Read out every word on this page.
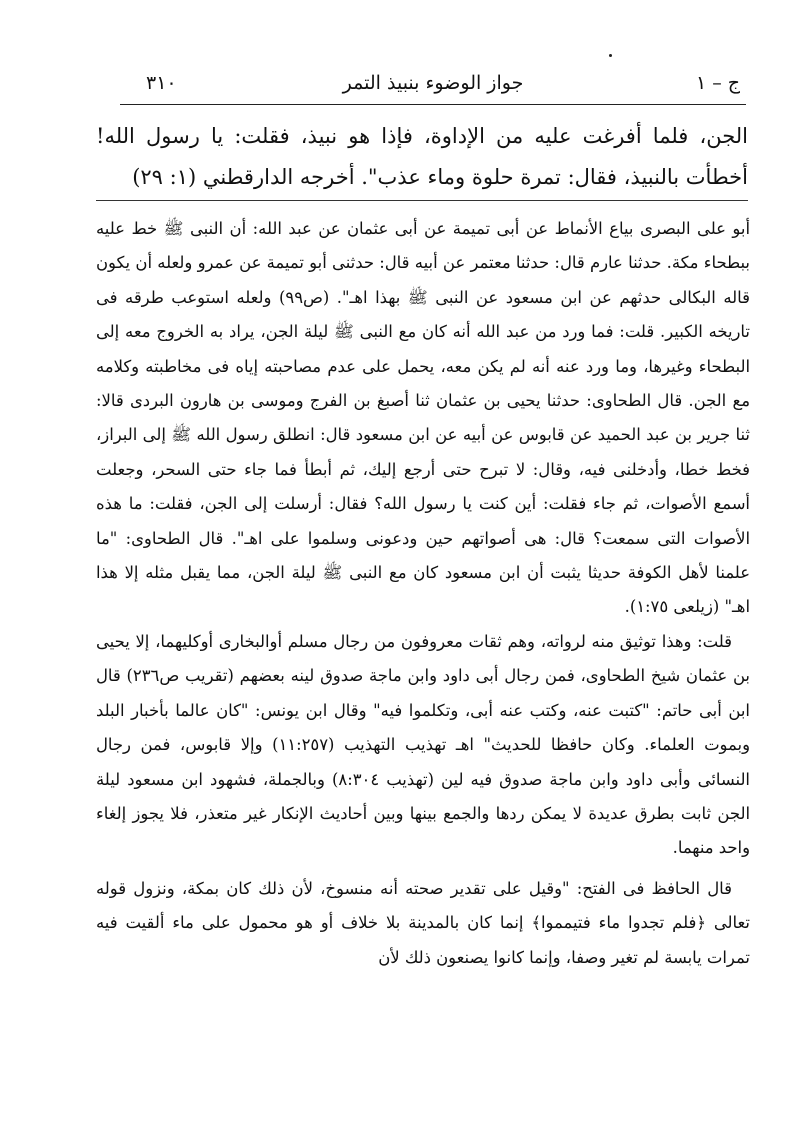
ج – ١
جواز الوضوء بنبيذ التمر
٣١٠

الجن، فلما أفرغت عليه من الإداوة، فإذا هو نبيذ، فقلت: يا رسول الله! أخطأت بالنبيذ، فقال: تمرة حلوة وماء عذب". أخرجه الدارقطني (١: ٢٩)

أبو على البصرى بياع الأنماط عن أبى تميمة عن أبى عثمان عن عبد الله: أن النبى ﷺ خط عليه ببطحاء مكة. حدثنا عارم قال: حدثنا معتمر عن أبيه قال: حدثنى أبو تميمة عن عمرو ولعله أن يكون قاله البكالى حدثهم عن ابن مسعود عن النبى ﷺ بهذا اهـ". (ص٩٩) ولعله استوعب طرقه فى تاريخه الكبير. قلت: فما ورد من عبد الله أنه كان مع النبى ﷺ ليلة الجن، يراد به الخروج معه إلى البطحاء وغيرها، وما ورد عنه أنه لم يكن معه، يحمل على عدم مصاحبته إياه فى مخاطبته وكلامه مع الجن. قال الطحاوى: حدثنا يحيى بن عثمان ثنا أصبغ بن الفرج وموسى بن هارون البردى قالا: ثنا جرير بن عبد الحميد عن قابوس عن أبيه عن ابن مسعود قال: انطلق رسول الله ﷺ إلى البراز، فخط خطا، وأدخلنى فيه، وقال: لا تبرح حتى أرجع إليك، ثم أبطأ فما جاء حتى السحر، وجعلت أسمع الأصوات، ثم جاء فقلت: أين كنت يا رسول الله؟ فقال: أرسلت إلى الجن، فقلت: ما هذه الأصوات التى سمعت؟ قال: هى أصواتهم حين ودعونى وسلموا على اهـ". قال الطحاوى: "ما علمنا لأهل الكوفة حديثا يثبت أن ابن مسعود كان مع النبى ﷺ ليلة الجن، مما يقبل مثله إلا هذا اهـ" (زيلعى ١:٧٥).

قلت: وهذا توثيق منه لرواته، وهم ثقات معروفون من رجال مسلم أوالبخارى أوكليهما، إلا يحيى بن عثمان شيخ الطحاوى، فمن رجال أبى داود وابن ماجة صدوق لينه بعضهم (تقريب ص٢٣٦) قال ابن أبى حاتم: "كتبت عنه، وكتب عنه أبى، وتكلموا فيه" وقال ابن يونس: "كان عالما بأخبار البلد وبموت العلماء. وكان حافظا للحديث" اهـ تهذيب التهذيب (١١:٢٥٧) وإلا قابوس، فمن رجال النسائى وأبى داود وابن ماجة صدوق فيه لين (تهذيب ٨:٣٠٤) وبالجملة، فشهود ابن مسعود ليلة الجن ثابت بطرق عديدة لا يمكن ردها والجمع بينها وبين أحاديث الإنكار غير متعذر، فلا يجوز إلغاء واحد منهما.

قال الحافظ فى الفتح: "وقيل على تقدير صحته أنه منسوخ، لأن ذلك كان بمكة، ونزول قوله تعالى ﴿فلم تجدوا ماء فتيمموا﴾ إنما كان بالمدينة بلا خلاف أو هو محمول على ماء ألقيت فيه تمرات يابسة لم تغير وصفا، وإنما كانوا يصنعون ذلك لأن
